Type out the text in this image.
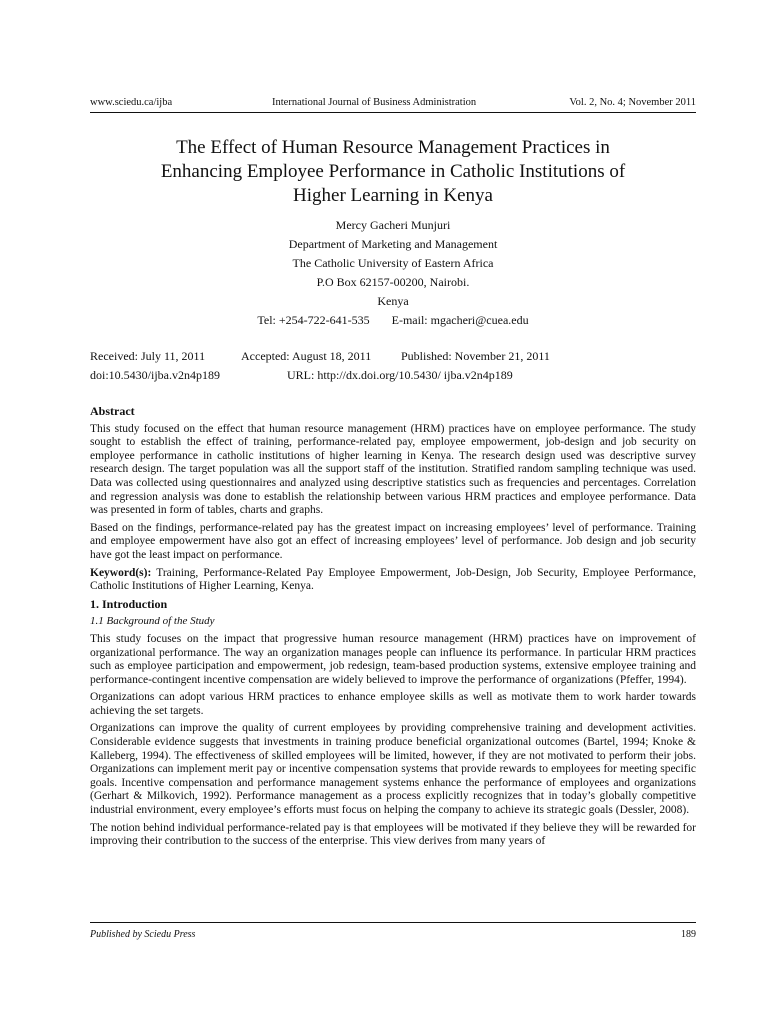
www.sciedu.ca/ijba	International Journal of Business Administration	Vol. 2, No. 4; November 2011
The Effect of Human Resource Management Practices in
Enhancing Employee Performance in Catholic Institutions of
Higher Learning in Kenya
Mercy Gacheri Munjuri
Department of Marketing and Management
The Catholic University of Eastern Africa
P.O Box 62157-00200, Nairobi.
Kenya
Tel: +254-722-641-535 E-mail: mgacheri@cuea.edu
Received: July 11, 2011	Accepted: August 18, 2011 Published: November 21, 2011
doi:10.5430/ijba.v2n4p189	URL: http://dx.doi.org/10.5430/ ijba.v2n4p189
Abstract

This study focused on the effect that human resource management (HRM) practices have on employee performance. The study sought to establish the effect of training, performance-related pay, employee empowerment, job-design and job security on employee performance in catholic institutions of higher learning in Kenya. The research design used was descriptive survey research design. The target population was all the support staff of the institution. Stratified random sampling technique was used. Data was collected using questionnaires and analyzed using descriptive statistics such as frequencies and percentages. Correlation and regression analysis was done to establish the relationship between various HRM practices and employee performance. Data was presented in form of tables, charts and graphs.

Based on the findings, performance-related pay has the greatest impact on increasing employees’ level of performance. Training and employee empowerment have also got an effect of increasing employees’ level of performance. Job design and job security have got the least impact on performance.

Keyword(s): Training, Performance-Related Pay Employee Empowerment, Job-Design, Job Security, Employee Performance, Catholic Institutions of Higher Learning, Kenya.

1. Introduction
1.1 Background of the Study

This study focuses on the impact that progressive human resource management (HRM) practices have on improvement of organizational performance. The way an organization manages people can influence its performance. In particular HRM practices such as employee participation and empowerment, job redesign, team-based production systems, extensive employee training and performance-contingent incentive compensation are widely believed to improve the performance of organizations (Pfeffer, 1994).

Organizations can adopt various HRM practices to enhance employee skills as well as motivate them to work harder towards achieving the set targets.

Organizations can improve the quality of current employees by providing comprehensive training and development activities. Considerable evidence suggests that investments in training produce beneficial organizational outcomes (Bartel, 1994; Knoke & Kalleberg, 1994). The effectiveness of skilled employees will be limited, however, if they are not motivated to perform their jobs. Organizations can implement merit pay or incentive compensation systems that provide rewards to employees for meeting specific goals. Incentive compensation and performance management systems enhance the performance of employees and organizations (Gerhart & Milkovich, 1992). Performance management as a process explicitly recognizes that in today’s globally competitive industrial environment, every employee’s efforts must focus on helping the company to achieve its strategic goals (Dessler, 2008).

The notion behind individual performance-related pay is that employees will be motivated if they believe they will be rewarded for improving their contribution to the success of the enterprise. This view derives from many years of

Published by Sciedu Press	189
